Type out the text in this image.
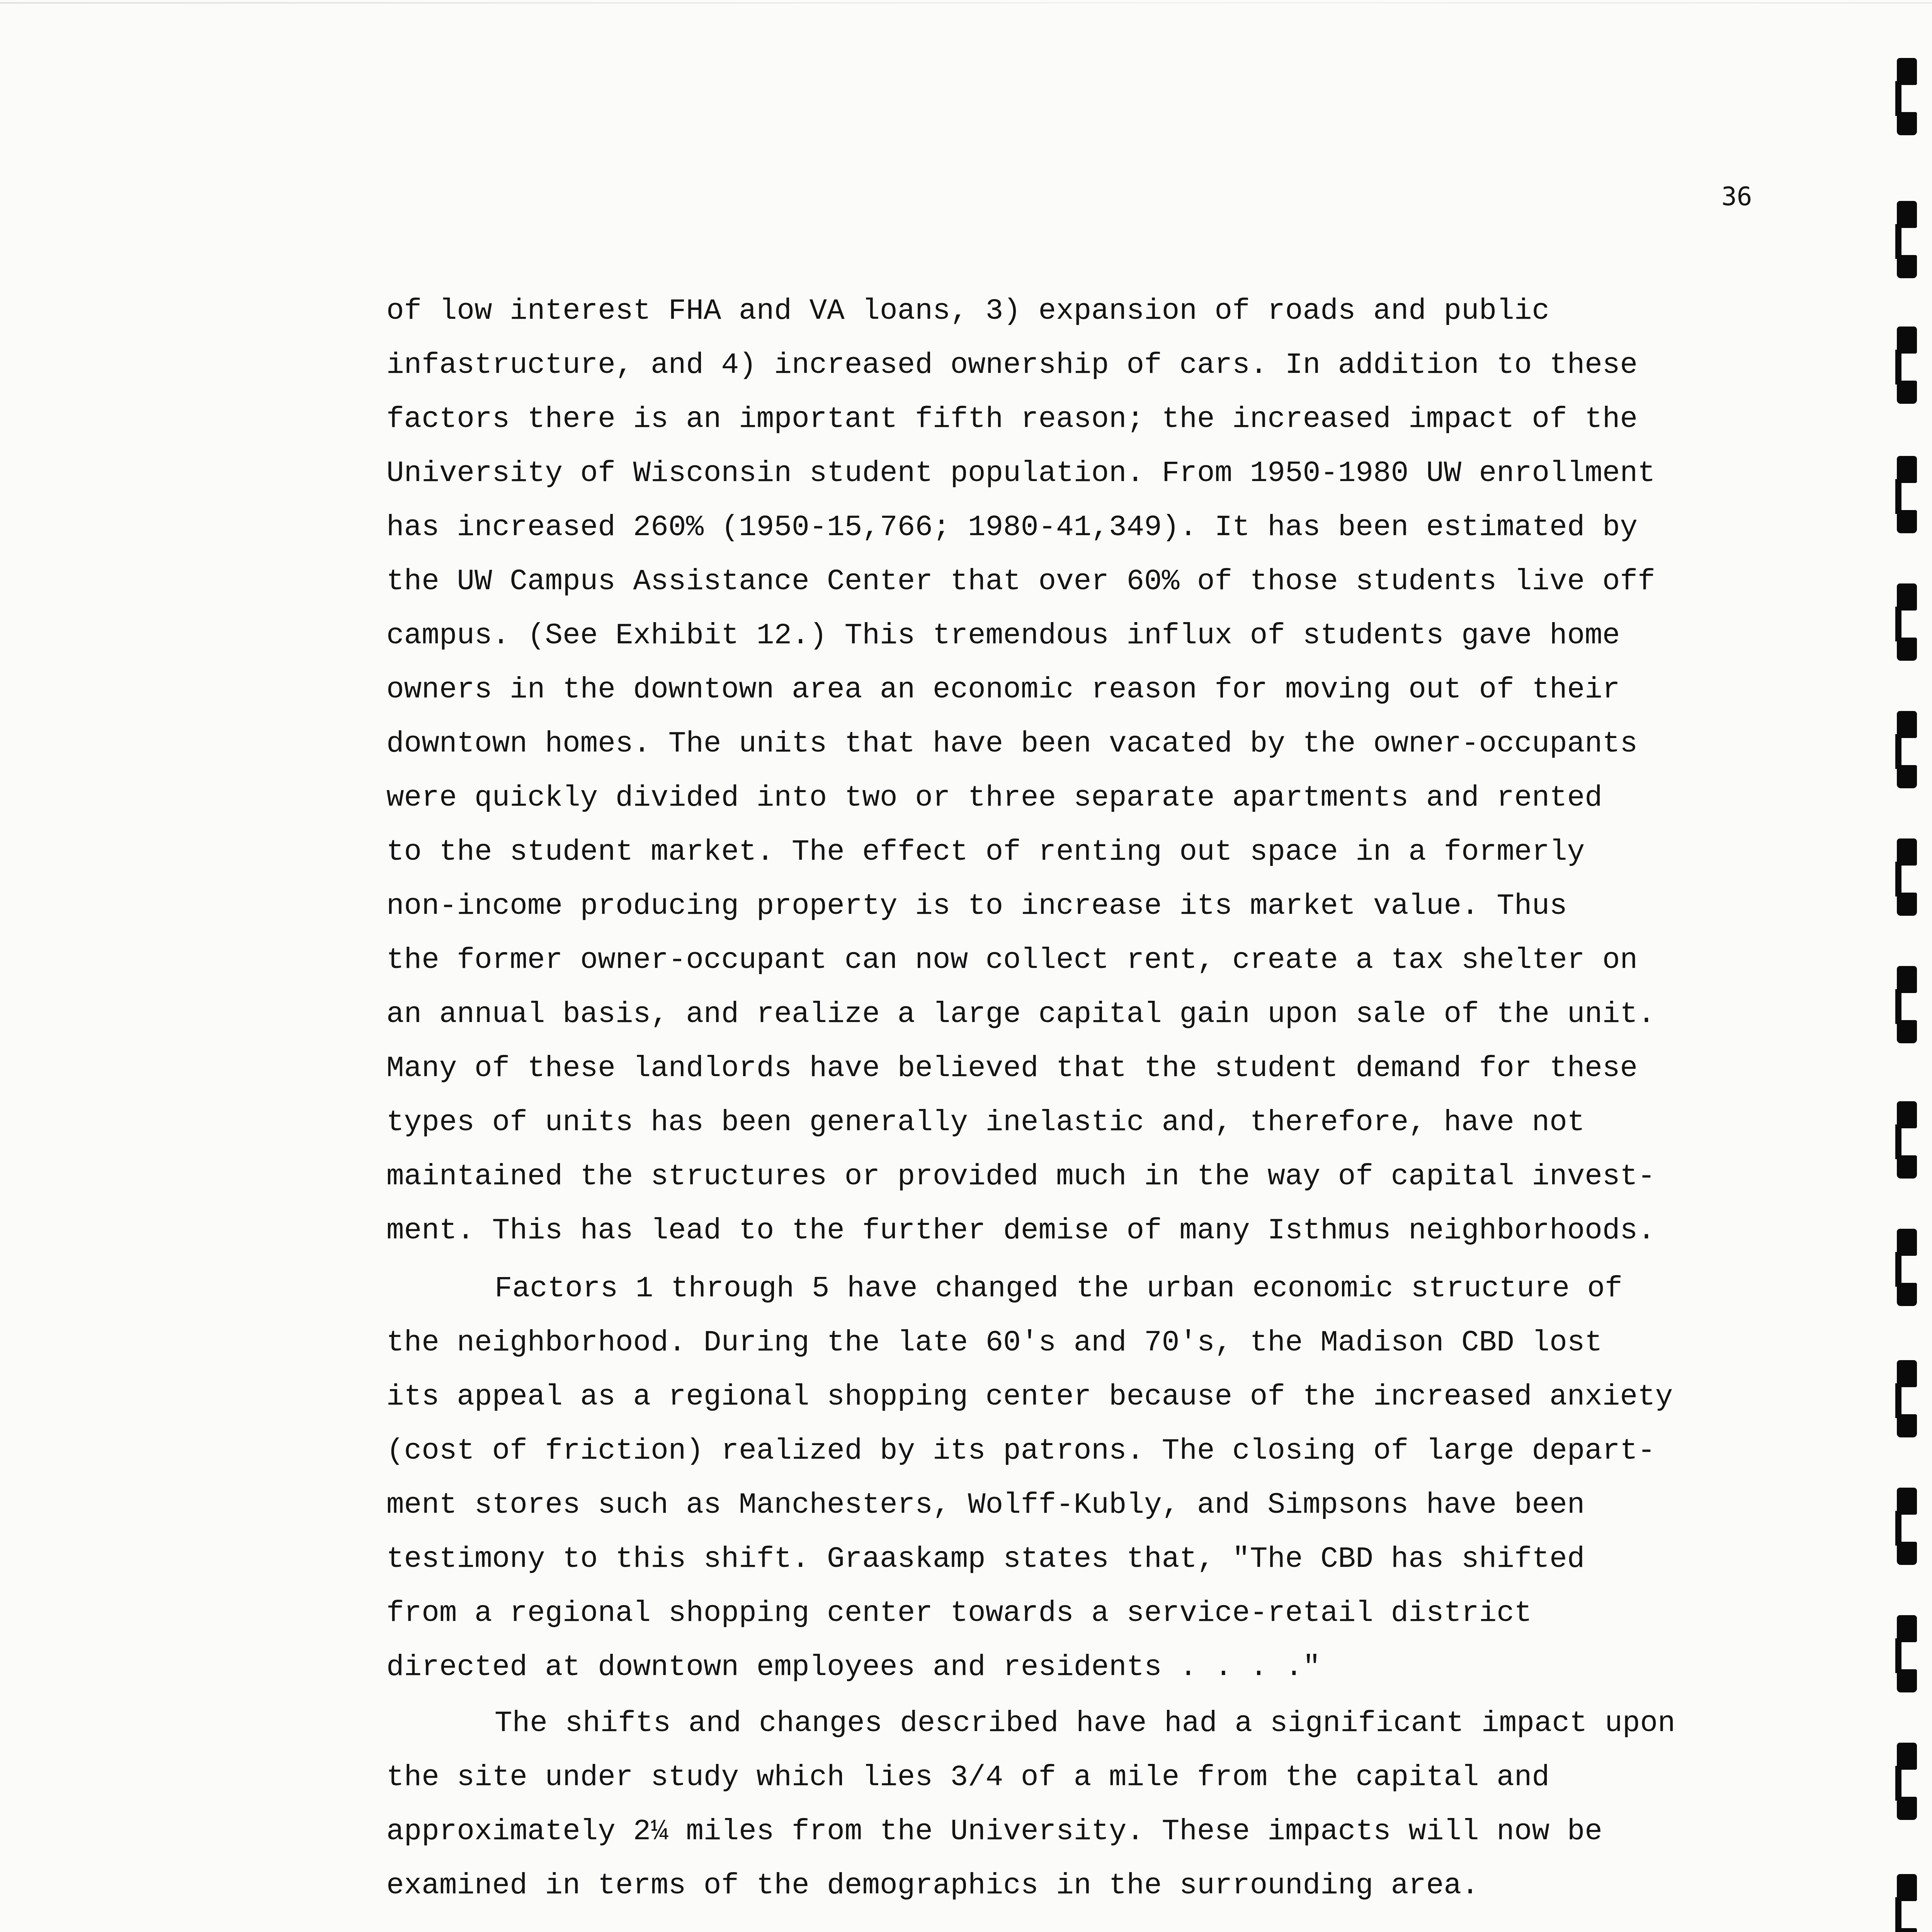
36

of low interest FHA and VA loans, 3) expansion of roads and public

infastructure, and 4) increased ownership of cars. In addition to these

factors there is an important fifth reason; the increased impact of the

University of Wisconsin student population. From 1950-1980 UW enrollment

has increased 260% (1950-15,766; 1980-41,349). It has been estimated by

the UW Campus Assistance Center that over 60% of those students live off

campus. (See Exhibit 12.) This tremendous influx of students gave home

owners in the downtown area an economic reason for moving out of their

downtown homes. The units that have been vacated by the owner-occupants

were quickly divided into two or three separate apartments and rented

to the student market. The effect of renting out space in a formerly

non-income producing property is to increase its market value. Thus

the former owner-occupant can now collect rent, create a tax shelter on

an annual basis, and realize a large capital gain upon sale of the unit.

Many of these landlords have believed that the student demand for these

types of units has been generally inelastic and, therefore, have not

maintained the structures or provided much in the way of capital invest-

ment. This has lead to the further demise of many Isthmus neighborhoods.

Factors 1 through 5 have changed the urban economic structure of

the neighborhood. During the late 60's and 70's, the Madison CBD lost

its appeal as a regional shopping center because of the increased anxiety

(cost of friction) realized by its patrons. The closing of large depart-

ment stores such as Manchesters, Wolff-Kubly, and Simpsons have been

testimony to this shift. Graaskamp states that, "The CBD has shifted

from a regional shopping center towards a service-retail district

directed at downtown employees and residents . . . ."

The shifts and changes described have had a significant impact upon

the site under study which lies 3/4 of a mile from the capital and

approximately 2¼ miles from the University. These impacts will now be

examined in terms of the demographics in the surrounding area.
